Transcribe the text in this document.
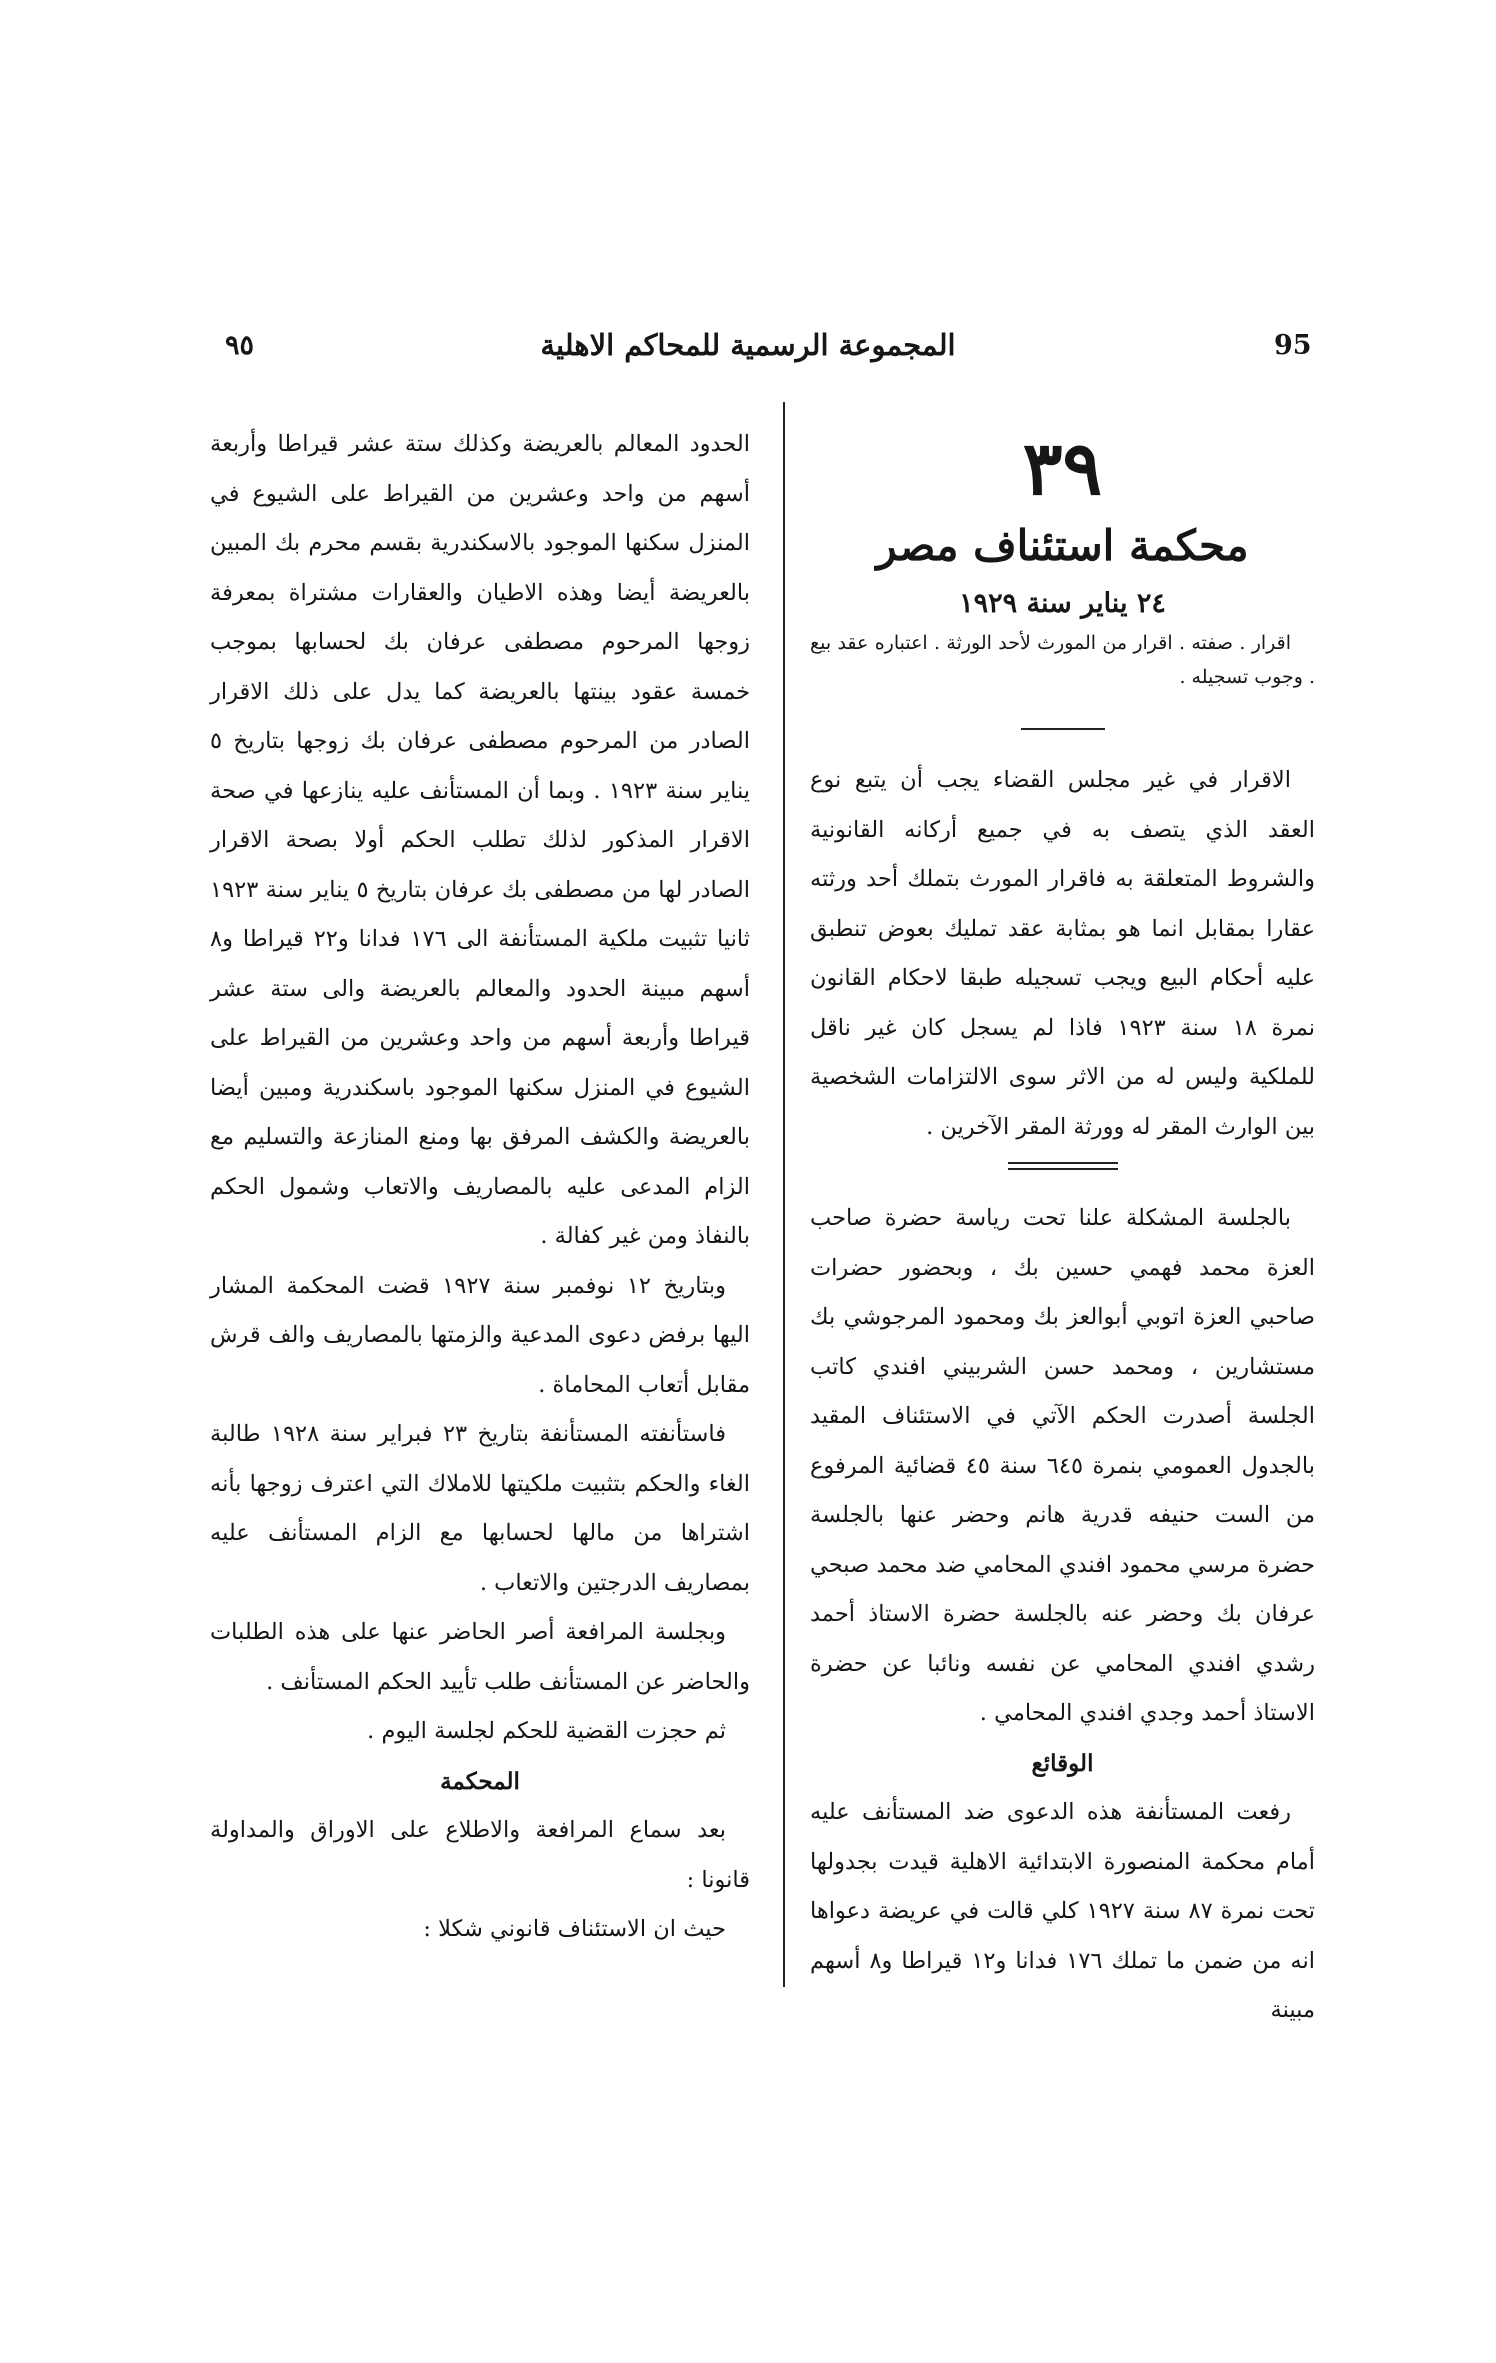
٩٥	المجموعة الرسمية للمحاكم الاهلية	95
٣٩
محكمة استئناف مصر
٢٤ يناير سنة ١٩٢٩

اقرار . صفته . اقرار من المورث لأحد الورثة . اعتباره عقد بيع . وجوب تسجيله .

الاقرار في غير مجلس القضاء يجب أن يتبع نوع العقد الذي يتصف به في جميع أركانه القانونية والشروط المتعلقة به فاقرار المورث بتملك أحد ورثته عقارا بمقابل انما هو بمثابة عقد تمليك بعوض تنطبق عليه أحكام البيع ويجب تسجيله طبقا لاحكام القانون نمرة ١٨ سنة ١٩٢٣ فاذا لم يسجل كان غير ناقل للملكية وليس له من الاثر سوى الالتزامات الشخصية بين الوارث المقر له وورثة المقر الآخرين .

بالجلسة المشكلة علنا تحت رياسة حضرة صاحب العزة محمد فهمي حسين بك ، وبحضور حضرات صاحبي العزة اتوبي أبوالعز بك ومحمود المرجوشي بك مستشارين ، ومحمد حسن الشربيني افندي كاتب الجلسة أصدرت الحكم الآتي في الاستئناف المقيد بالجدول العمومي بنمرة ٦٤٥ سنة ٤٥ قضائية المرفوع من الست حنيفه قدرية هانم وحضر عنها بالجلسة حضرة مرسي محمود افندي المحامي ضد محمد صبحي عرفان بك وحضر عنه بالجلسة حضرة الاستاذ أحمد رشدي افندي المحامي عن نفسه ونائبا عن حضرة الاستاذ أحمد وجدي افندي المحامي .

الوقائع

رفعت المستأنفة هذه الدعوى ضد المستأنف عليه أمام محكمة المنصورة الابتدائية الاهلية قيدت بجدولها تحت نمرة ٨٧ سنة ١٩٢٧ كلي قالت في عريضة دعواها انه من ضمن ما تملك ١٧٦ فدانا و١٢ قيراطا و٨ أسهم مبينة

الحدود المعالم بالعريضة وكذلك ستة عشر قيراطا وأربعة أسهم من واحد وعشرين من القيراط على الشيوع في المنزل سكنها الموجود بالاسكندرية بقسم محرم بك المبين بالعريضة أيضا وهذه الاطيان والعقارات مشتراة بمعرفة زوجها المرحوم مصطفى عرفان بك لحسابها بموجب خمسة عقود بينتها بالعريضة كما يدل على ذلك الاقرار الصادر من المرحوم مصطفى عرفان بك زوجها بتاريخ ٥ يناير سنة ١٩٢٣ . وبما أن المستأنف عليه ينازعها في صحة الاقرار المذكور لذلك تطلب الحكم أولا بصحة الاقرار الصادر لها من مصطفى بك عرفان بتاريخ ٥ يناير سنة ١٩٢٣ ثانيا تثبيت ملكية المستأنفة الى ١٧٦ فدانا و٢٢ قيراطا و٨ أسهم مبينة الحدود والمعالم بالعريضة والى ستة عشر قيراطا وأربعة أسهم من واحد وعشرين من القيراط على الشيوع في المنزل سكنها الموجود باسكندرية ومبين أيضا بالعريضة والكشف المرفق بها ومنع المنازعة والتسليم مع الزام المدعى عليه بالمصاريف والاتعاب وشمول الحكم بالنفاذ ومن غير كفالة .

وبتاريخ ١٢ نوفمبر سنة ١٩٢٧ قضت المحكمة المشار اليها برفض دعوى المدعية والزمتها بالمصاريف والف قرش مقابل أتعاب المحاماة .

فاستأنفته المستأنفة بتاريخ ٢٣ فبراير سنة ١٩٢٨ طالبة الغاء والحكم بتثبيت ملكيتها للاملاك التي اعترف زوجها بأنه اشتراها من مالها لحسابها مع الزام المستأنف عليه بمصاريف الدرجتين والاتعاب .

وبجلسة المرافعة أصر الحاضر عنها على هذه الطلبات والحاضر عن المستأنف طلب تأييد الحكم المستأنف .

ثم حجزت القضية للحكم لجلسة اليوم .

المحكمة

بعد سماع المرافعة والاطلاع على الاوراق والمداولة قانونا :

حيث ان الاستئناف قانوني شكلا :
